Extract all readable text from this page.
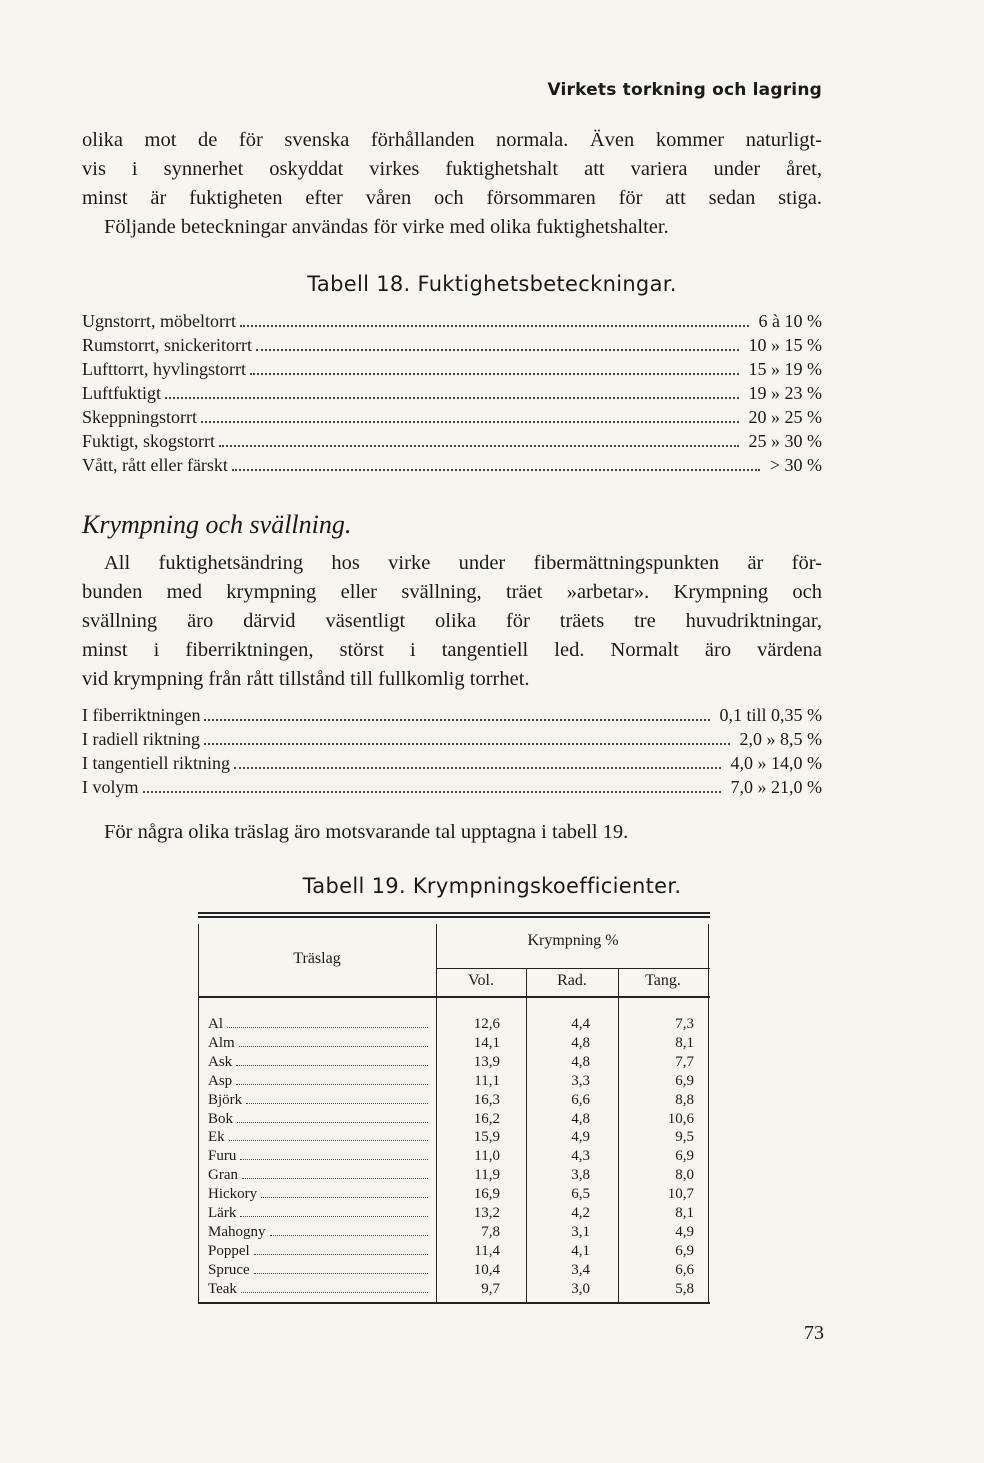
Virkets torkning och lagring

olika mot de för svenska förhållanden normala. Även kommer naturligt-
vis i synnerhet oskyddat virkes fuktighetshalt att variera under året,
minst är fuktigheten efter våren och försommaren för att sedan stiga.
Följande beteckningar användas för virke med olika fuktighetshalter.

Tabell 18. Fuktighetsbeteckningar.
Ugnstorrt, möbeltorrt	6 à 10 %
Rumstorrt, snickeritorrt	10 » 15 %
Lufttorrt, hyvlingstorrt	15 » 19 %
Luftfuktigt	19 » 23 %
Skeppningstorrt	20 » 25 %
Fuktigt, skogstorrt	25 » 30 %
Vått, rått eller färskt	> 30 %
Krympning och svällning.

All fuktighetsändring hos virke under fibermättningspunkten är för-
bunden med krympning eller svällning, träet »arbetar». Krympning och
svällning äro därvid väsentligt olika för träets tre huvudriktningar,
minst i fiberriktningen, störst i tangentiell led. Normalt äro värdena
vid krympning från rått tillstånd till fullkomlig torrhet.

I fiberriktningen	0,1 till 0,35 %
I radiell riktning	2,0 » 8,5 %
I tangentiell riktning	4,0 » 14,0 %
I volym	7,0 » 21,0 %

För några olika träslag äro motsvarande tal upptagna i tabell 19.

Tabell 19. Krympningskoefficienter.
Träslag
Krympning %
Vol.	Rad.	Tang.
Al	12,6	4,4	7,3
Alm	14,1	4,8	8,1
Ask	13,9	4,8	7,7
Asp	11,1	3,3	6,9
Björk	16,3	6,6	8,8
Bok	16,2	4,8	10,6
Ek	15,9	4,9	9,5
Furu	11,0	4,3	6,9
Gran	11,9	3,8	8,0
Hickory	16,9	6,5	10,7
Lärk	13,2	4,2	8,1
Mahogny	7,8	3,1	4,9
Poppel	11,4	4,1	6,9
Spruce	10,4	3,4	6,6
Teak	9,7	3,0	5,8
73
